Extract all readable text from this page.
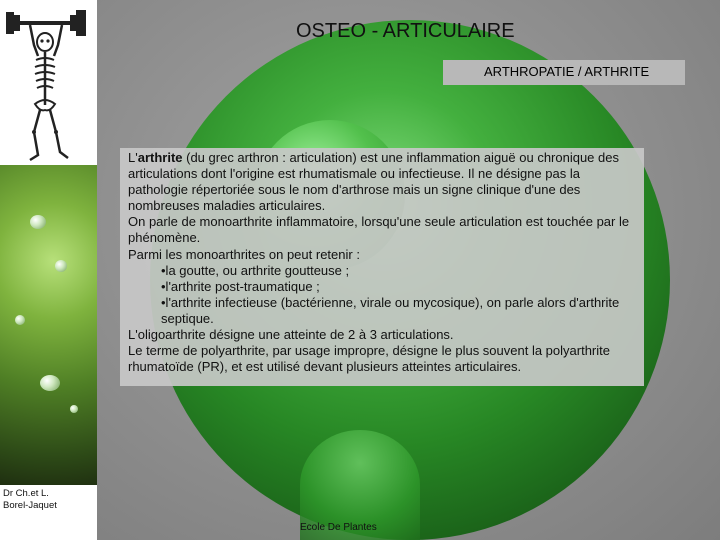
OSTEO - ARTICULAIRE
ARTHROPATIE / ARTHRITE

L'arthrite (du grec arthron : articulation) est une inflammation aiguë ou chronique des articulations dont l'origine est rhumatismale ou infectieuse. Il ne désigne pas la pathologie répertoriée sous le nom d'arthrose mais un signe clinique d'une des nombreuses maladies articulaires.

On parle de monoarthrite inflammatoire, lorsqu'une seule articulation est touchée par le phénomène.

Parmi les monoarthrites on peut retenir :

•la goutte, ou arthrite goutteuse ;

•l'arthrite post-traumatique ;

•l'arthrite infectieuse (bactérienne, virale ou mycosique), on parle alors d'arthrite septique.

L'oligoarthrite désigne une atteinte de 2 à 3 articulations.

Le terme de polyarthrite, par usage impropre, désigne le plus souvent la polyarthrite rhumatoïde (PR), et est utilisé devant plusieurs atteintes articulaires.

Dr Ch.et L.
Borel-Jaquet
Ecole De Plantes
